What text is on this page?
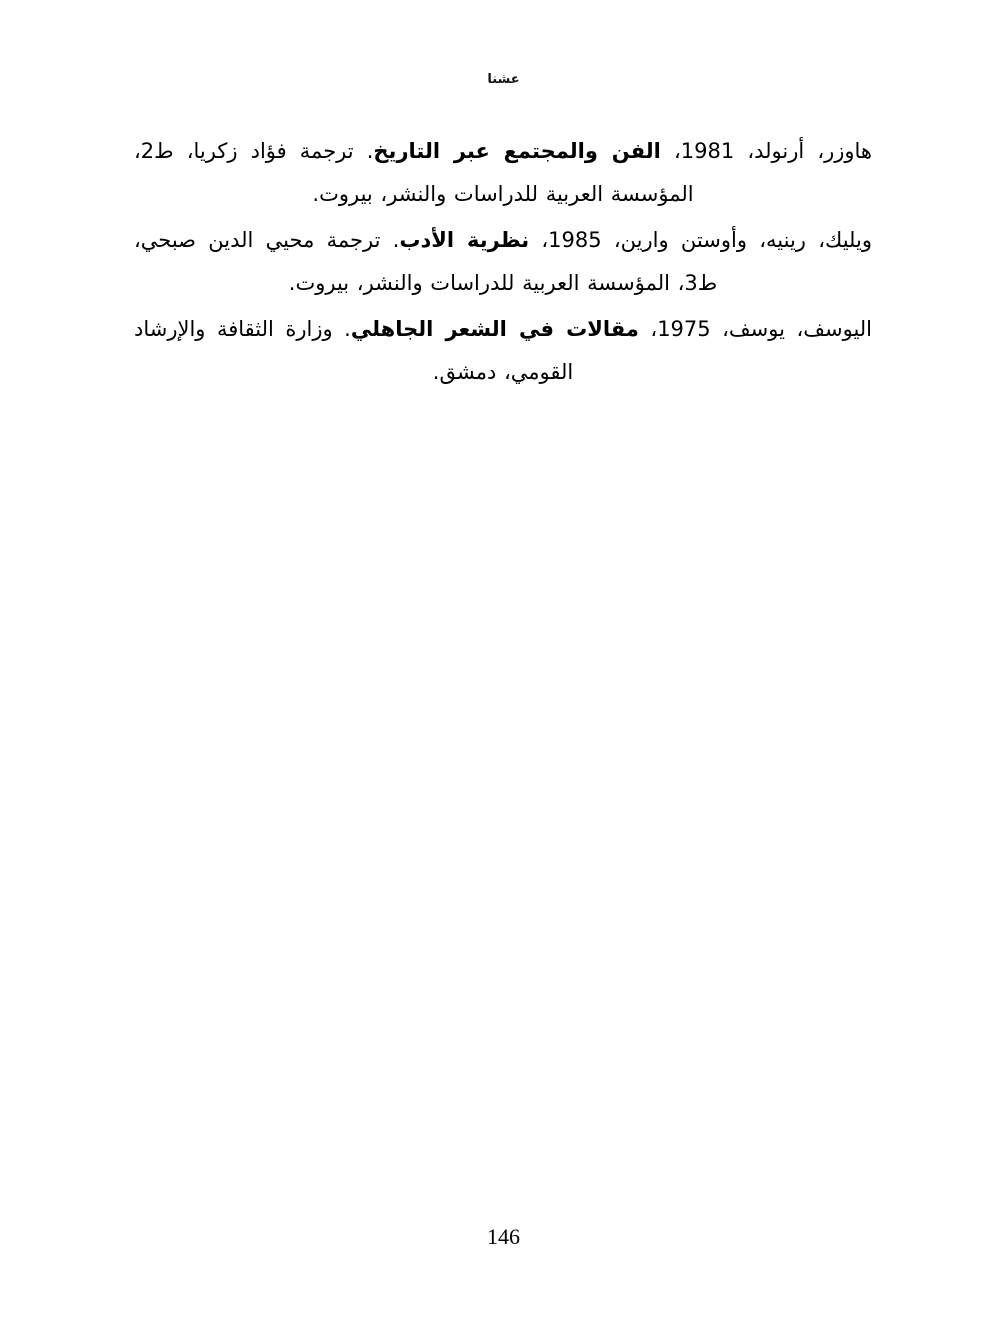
عشنا

هاوزر، أرنولد، 1981، الفن والمجتمع عبر التاريخ. ترجمة فؤاد زكريا، ط2، المؤسسة العربية للدراسات والنشر، بيروت.

ويليك، رينيه، وأوستن وارين، 1985، نظرية الأدب. ترجمة محيي الدين صبحي، ط3، المؤسسة العربية للدراسات والنشر، بيروت.

اليوسف، يوسف، 1975، مقالات في الشعر الجاهلي. وزارة الثقافة والإرشاد القومي، دمشق.

146
